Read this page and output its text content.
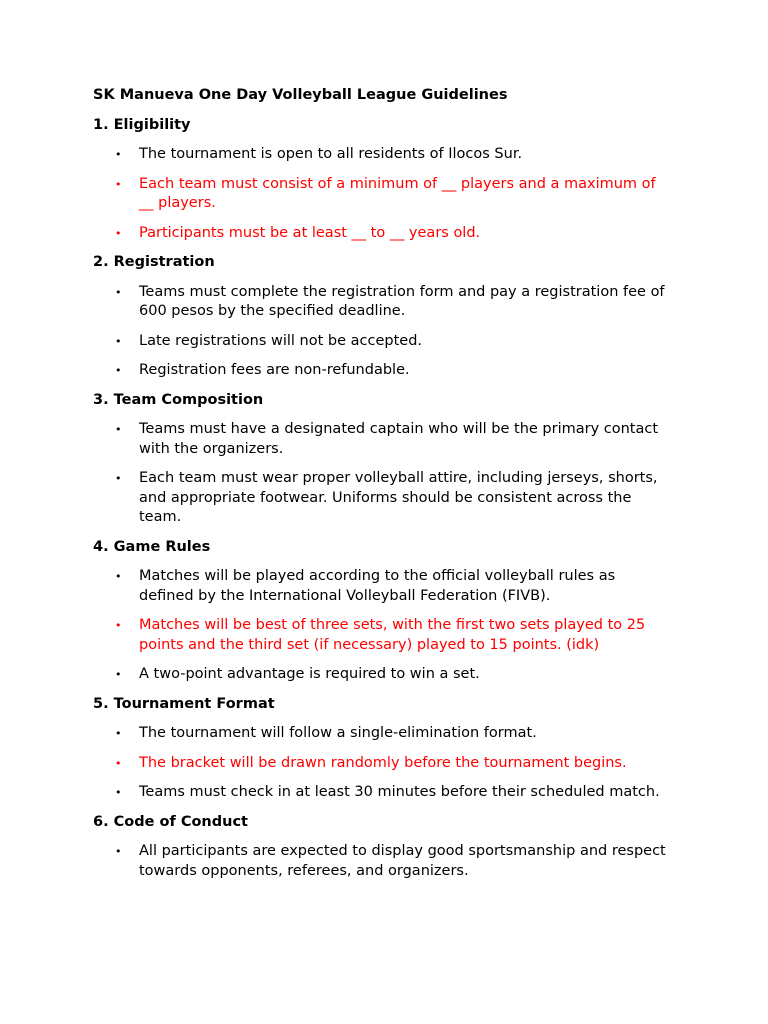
SK Manueva One Day Volleyball League Guidelines
1. Eligibility
• The tournament is open to all residents of Ilocos Sur.
• Each team must consist of a minimum of __ players and a maximum of __ players.
• Participants must be at least __ to __ years old.
2. Registration
• Teams must complete the registration form and pay a registration fee of 600 pesos by the specified deadline.
• Late registrations will not be accepted.
• Registration fees are non-refundable.
3. Team Composition
• Teams must have a designated captain who will be the primary contact with the organizers.
• Each team must wear proper volleyball attire, including jerseys, shorts, and appropriate footwear. Uniforms should be consistent across the team.
4. Game Rules
• Matches will be played according to the official volleyball rules as defined by the International Volleyball Federation (FIVB).
• Matches will be best of three sets, with the first two sets played to 25 points and the third set (if necessary) played to 15 points. (idk)
• A two-point advantage is required to win a set.
5. Tournament Format
• The tournament will follow a single-elimination format.
• The bracket will be drawn randomly before the tournament begins.
• Teams must check in at least 30 minutes before their scheduled match.
6. Code of Conduct
• All participants are expected to display good sportsmanship and respect towards opponents, referees, and organizers.
